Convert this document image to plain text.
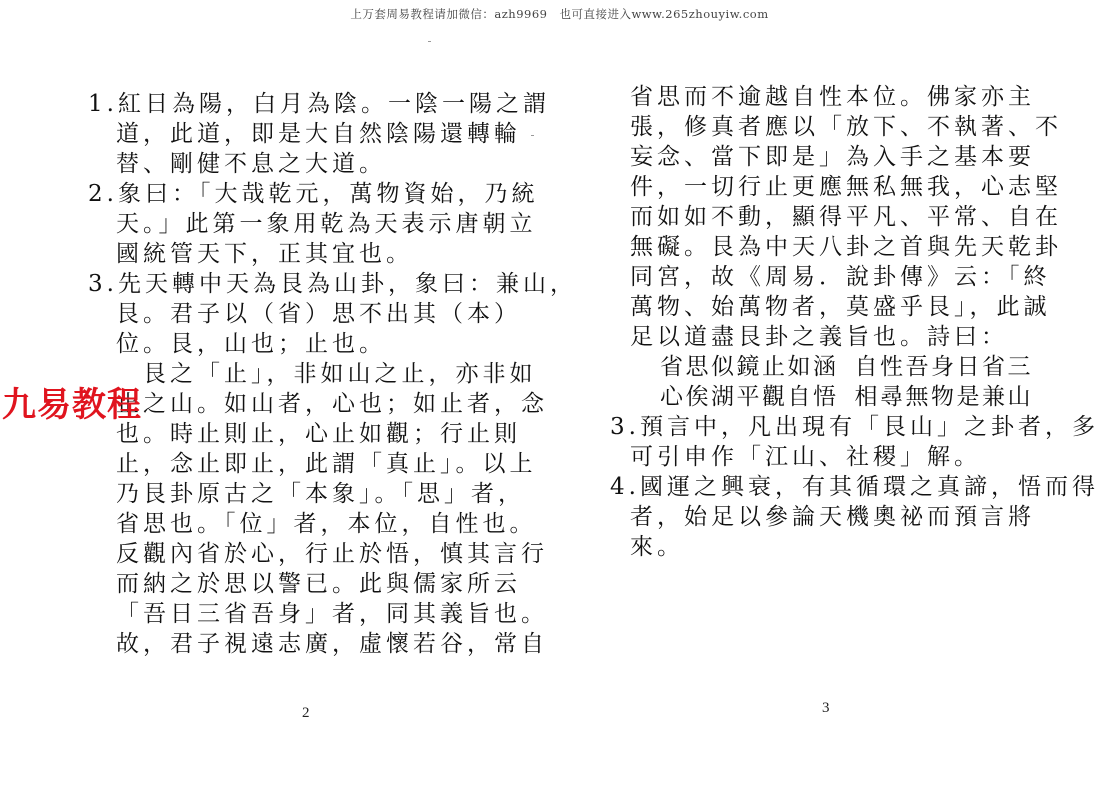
上万套周易教程请加微信：azh9969　也可直接进入www.265zhouyiw.com
1.紅日為陽，白月為陰。一陰一陽之謂
道，此道，即是大自然陰陽還轉輪
替、剛健不息之大道。
2.象曰：「大哉乾元，萬物資始，乃統
天。」此第一象用乾為天表示唐朝立
國統管天下，正其宜也。
3.先天轉中天為艮為山卦，象曰：兼山，
艮。君子以（省）思不出其（本）
位。艮，山也；止也。
　艮之「止」，非如山之止，亦非如
止之山。如山者，心也；如止者，念
也。時止則止，心止如觀；行止則
止，念止即止，此謂「真止」。以上
乃艮卦原古之「本象」。「思」者，
省思也。「位」者，本位，自性也。
反觀內省於心，行止於悟，慎其言行
而納之於思以警已。此與儒家所云
「吾日三省吾身」者，同其義旨也。
故，君子視遠志廣，虛懷若谷，常自
2
省思而不逾越自性本位。佛家亦主
張，修真者應以「放下、不執著、不
妄念、當下即是」為入手之基本要
件，一切行止更應無私無我，心志堅
而如如不動，顯得平凡、平常、自在
無礙。艮為中天八卦之首與先天乾卦
同宮，故《周易．說卦傳》云：「終
萬物、始萬物者，莫盛乎艮」，此誠
足以道盡艮卦之義旨也。詩曰：
省思似鏡止如涵 自性吾身日省三
心俟湖平觀自悟 相尋無物是兼山
3.預言中，凡出現有「艮山」之卦者，多
可引申作「江山、社稷」解。
4.國運之興衰，有其循環之真諦，悟而得
者，始足以參論天機奧祕而預言將
來。
3
九易教程
